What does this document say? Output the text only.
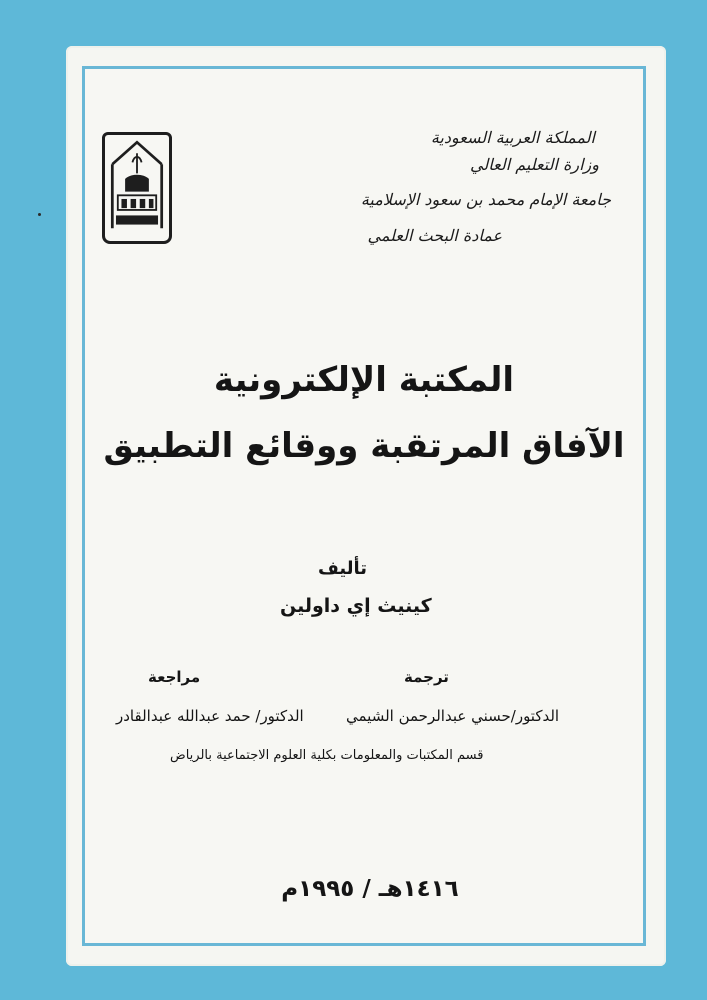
المملكة العربية السعودية
وزارة التعليم العالي
جامعة الإمام محمد بن سعود الإسلامية
عمادة البحث العلمي
المكتبة الإلكترونية
الآفاق المرتقبة ووقائع التطبيق
تأليف
كينيث إي داولين
ترجمة
مراجعة
الدكتور/حسني عبدالرحمن الشيمي
الدكتور/ حمد عبدالله عبدالقادر
قسم المكتبات والمعلومات بكلية العلوم الاجتماعية بالرياض
١٤١٦هـ / ١٩٩٥م
